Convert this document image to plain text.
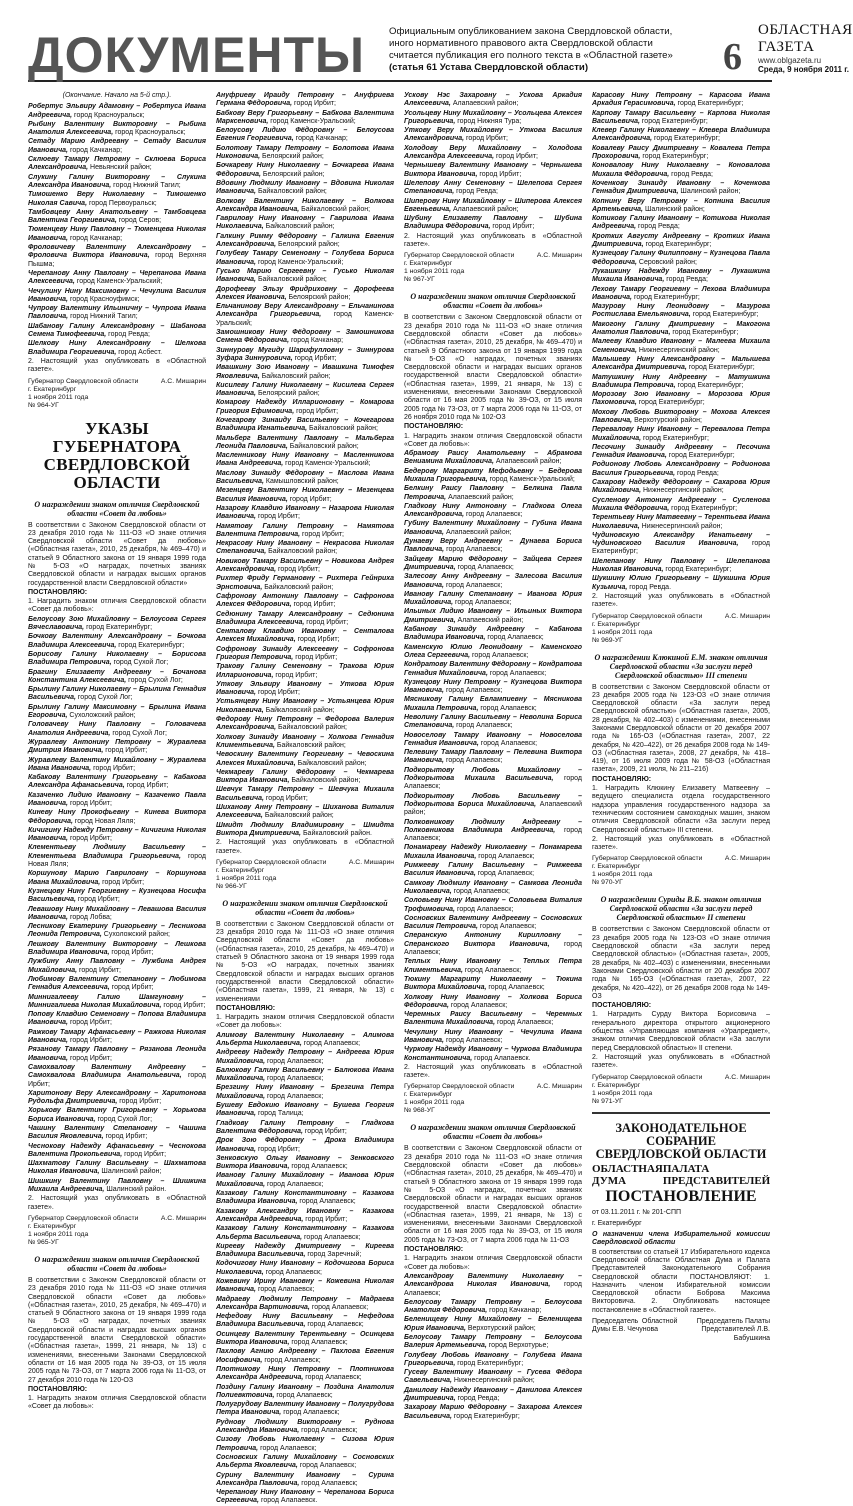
ДОКУМЕНТЫ	Официальным опубликованием закона Свердловской области, иного нормативного правового акта Свердловской области считается публикация его полного текста в «Областной газете» (статья 61 Устава Свердловской области)	6
ОБЛАСТНАЯ ГАЗЕТА
www.oblgazeta.ru
Среда, 9 ноября 2011 г.

(Окончание. Начало на 5-й стр.).

Робертус Эльвиру Адамовну – Робертуса Ивана Андреевича, город Красноуральск;

Рыбину Валентину Викторовну – Рыбина Анатолия Алексеевича, город Красноуральск;

Сетаду Марию Андреевну – Сетаду Василия Ивановича, город Качканар;

Склюеву Тамару Петровну – Склюева Бориса Александровича, Невьянский район;

Слукину Галину Викторовну – Слукина Александра Ивановича, город Нижний Тагил;

Тимошенко Веру Николаевну – Тимошенко Николая Савича, город Первоуральск;

Тамбовцеву Анну Анатольевну – Тамбовцева Валентина Георгиевича, город Серов;

Тюменцеву Нину Павловну – Тюменцева Николая Ивановича, город Качканар;

Фроловичеву Валентину Александровну – Фроловича Виктора Ивановича, город Верхняя Пышма;

Черепанову Анну Павловну – Черепанова Ивана Алексеевича, город Каменск-Уральский;

Чечулину Нину Максимовну – Чечулина Василия Ивановича, город Красноуфимск;

Чупрову Валентину Ильиничну – Чупрова Ивана Павловича, город Нижний Тагил;

Шабанову Галину Александровну – Шабанова Семена Тимофеевича, город Ревда;

Шелкову Нину Александровну – Шелкова Владимира Георгиевича, город Асбест.

2. Настоящий указ опубликовать в «Областной газете».

Губернатор Свердловской области	А.С. Мишарин
г. Екатеринбург
1 ноября 2011 года
№ 964-УГ
УКАЗЫ ГУБЕРНАТОРА СВЕРДЛОВСКОЙ ОБЛАСТИ
О награждении знаком отличия Свердловской области «Совет да любовь»

В соответствии с Законом Свердловской области от 23 декабря 2010 года № 111-ОЗ «О знаке отличия Свердловской области «Совет да любовь» («Областная газета», 2010, 25 декабря, № 469–470) и статьей 9 Областного закона от 19 января 1999 года № 5-ОЗ «О наградах, почетных званиях Свердловской области и наградах высших органов государственной власти Свердловской области»

ПОСТАНОВЛЯЮ:

1. Наградить знаком отличия Свердловской области «Совет да любовь»:

Белоусову Зою Михайловну – Белоусова Сергея Вячеславовича, город Екатеринбург;

Бочкову Валентину Александровну – Бочкова Владимира Алексеевича, город Екатеринбург;

Борисову Галину Николаевну – Борисова Владимира Петровича, город Сухой Лог;

Брагину Елизавету Андреевну – Бочанова Константина Алексеевича, город Сухой Лог;

Брылину Галину Николаевну – Брылина Геннадия Васильевича, город Сухой Лог;

Брылину Галину Максимовну – Брылина Ивана Егоровича, Сухоложский район;

Головачеву Нину Павловну – Головачева Анатолия Андреевича, город Сухой Лог;

Журавлеву Антонину Петровну – Журавлева Дмитрия Ивановича, город Ирбит;

Журавлеву Валентину Михайловну – Журавлева Ивана Ивановича, город Ирбит;

Кабакову Валентину Григорьевну – Кабакова Александра Афанасьевича, город Ирбит;

Казаченко Лидию Ивановну – Казаченко Павла Ивановича, город Ирбит;

Киневу Нину Прокофьевну – Кинева Виктора Фёдоровича, город Новая Ляля;

Кичигину Надежду Петровну – Кичигина Николая Ивановича, город Ирбит;

Клементьеву Людмилу Васильевну – Клементьева Владимира Григорьевича, город Новая Ляля;

Коршунову Марию Гавриловну – Коршунова Ивана Михайловича, город Ирбит;

Кузнецову Нину Георгиевну – Кузнецова Носифа Васильевича, город Ирбит;

Левашову Нину Михайловну – Левашова Василия Ивановича, город Лобва;

Лесникову Екатерину Григорьевну – Лесникова Леонида Петровича, Сухоложский район;

Лешкову Валентину Викторовну – Лешкова Владимира Ивановича, город Ирбит;

Лужбину Анну Павловну – Лужбина Андрея Михайловича, город Ирбит;

Любимову Валентину Степановну – Любимова Геннадия Алексеевича, город Ирбит;

Миннигалееву Галию Шамгуновну – Миннигалиева Николая Михайловича, город Ирбит;

Попову Клавдию Семеновну – Попова Владимира Ивановича, город Ирбит;

Ражкову Тамару Афанасьевну – Ражкова Николая Ивановича, город Ирбит;

Рязанову Тамару Павловну – Рязанова Леонида Ивановича, город Ирбит;

Самохвалову Валентину Андреевну – Самохвалова Владимира Анатольевича, город Ирбит;

Харитонову Веру Александровну – Харитонова Рудольфа Дмитриевича, город Ирбит;

Хорькову Валентину Григорьевну – Хорькова Бориса Ивановича, город Сухой Лог;

Чашину Валентину Степановну – Чашина Василия Яковлевича, город Ирбит;

Чеснокову Надежду Афанасьевну – Чеснокова Валентина Прокопьевича, город Ирбит;

Шахматову Галину Васильевну – Шахматова Николая Ивановича, Шалинский район;

Шишкину Валентину Павловну – Шишкина Михаила Андреевича, Шалинский район.

2. Настоящий указ опубликовать в «Областной газете».

Губернатор Свердловской области	А.С. Мишарин
г. Екатеринбург
1 ноября 2011 года
№ 965-УГ
О награждении знаком отличия Свердловской области «Совет да любовь»

В соответствии с Законом Свердловской области от 23 декабря 2010 года № 111-ОЗ «О знаке отличия Свердловской области «Совет да любовь» («Областная газета», 2010, 25 декабря, № 469–470) и статьей 9 Областного закона от 19 января 1999 года № 5-ОЗ «О наградах, почетных званиях Свердловской области и наградах высших органов государственной власти Свердловской области» («Областная газета», 1999, 21 января, № 13) с изменениями, внесенными Законами Свердловской области от 16 мая 2005 года № 39-ОЗ, от 15 июля 2005 года № 73-ОЗ, от 7 марта 2006 года № 11-ОЗ, от 27 декабря 2010 года № 120-ОЗ

ПОСТАНОВЛЯЮ:

1. Наградить знаком отличия Свердловской области «Совет да любовь»:

Ануфриеву Ираиду Петровну – Ануфриева Германа Фёдоровича, город Ирбит;

Бабкову Веру Григорьевну – Бабкова Валентина Марксеновича, город Каменск-Уральский;

Белоусову Лидию Фёдоровну – Белоусова Евгения Георгиевича, город Качканар;

Болотову Тамару Петровну – Болотова Ивана Никоновича, Белоярский район;

Бочкареву Нину Николаевну – Бочкарева Ивана Фёдоровича, Белоярский район;

Вдовину Людмилу Ивановну – Вдовина Николая Ивановича, Байкаловский район;

Волкову Валентину Николаевну – Волкова Александра Ивановича, Байкаловский район;

Гаврилову Нину Ивановну – Гаврилова Ивана Николаевича, Байкаловский район;

Галкину Римму Фёдоровну – Галкина Евгения Александровича, Белоярский район;

Голубеву Тамару Семеновну – Голубева Бориса Ивановича, город Каменск-Уральский;

Гусько Марию Сергеевну – Гусько Николая Ивановича, Байкаловский район;

Дорофееву Эльзу Фридриховну – Дорофеева Алексея Ивановича, Белоярский район;

Ельчанинову Веру Александровну – Ельчанинова Александра Григорьевича, город Каменск-Уральский;

Замошникову Нину Фёдоровну – Замошникова Семена Фёдоровича, город Качканар;

Зиннурову Мугиду Шарифулловну – Зиннурова Зуфара Зиннуровича, город Ирбит;

Ивашкину Зою Ивановну – Ивашкина Тимофея Яковлевича, Байкаловский район;

Кисилеву Галину Николаевну – Кисилева Сергея Ивановича, Белоярский район;

Комарову Надежду Илларионовну – Комарова Григория Ефимовича, город Ирбит;

Кочегарову Зинаиду Васильевну – Кочегарова Владимира Игнатьевича, Байкаловский район;

Мальберг Валентину Павловну – Мальберга Леонида Павловича, Байкаловский район;

Масленникову Нину Ивановну – Масленникова Ивана Андреевича, город Каменск-Уральский;

Маслову Зинаиду Фёдоровну – Маслова Ивана Васильевича, Камышловский район;

Мезенцеву Валентину Николаевну – Мезенцева Василия Ивановича, город Ирбит;

Назарову Клавдию Ивановну – Назарова Николая Ивановича, город Ирбит;

Намятову Галину Петровну – Намятова Валентина Петровича, город Ирбит;

Некрасову Нину Ивановну – Некрасова Николая Степановича, Байкаловский район;

Новикову Тамару Васильевну – Новикова Андрея Александровича, город Ирбит;

Рихтер Фриду Германовну – Рихтера Гейнриха Эрнстовича, Байкаловский район;

Сафронову Антонину Павловну – Сафронова Алексея Фёдоровича, город Ирбит;

Седюнину Тамару Александровну – Седюнина Владимира Алексеевича, город Ирбит;

Сенталову Клавдию Ивановну – Сенталова Алексея Михайловича, город Ирбит;

Софронову Зинаиду Алексеевну – Софронова Григория Петровича, город Ирбит;

Тракову Галину Семеновну – Тракова Юрия Илларионовича, город Ирбит;

Уткову Эльвиру Ивановну – Уткова Юрия Ивановича, город Ирбит;

Устьянцеву Нину Ивановну – Устьянцева Юрия Николаевича, Байкаловский район;

Федорову Нину Петровну – Федорова Валерия Александровича, Байкаловский район;

Холкову Зинаиду Ивановну – Холкова Геннадия Климентьевича, Байкаловский район;

Чевоскину Валентину Георгиевну – Чевоскина Алексея Михайловича, Байкаловский район;

Чекмареву Галину Фёдоровну – Чекмарева Виктора Ивановича, Байкаловский район;

Шевчук Тамару Петровну – Шевчука Михаила Васильевича, город Ирбит;

Шиханову Анну Петровну – Шиханова Виталия Алексеевича, Байкаловский район;

Шмидт Людмилу Владимировну – Шмидта Виктора Дмитриевича, Байкаловский район.

2. Настоящий указ опубликовать в «Областной газете».

Губернатор Свердловской области	А.С. Мишарин
г. Екатеринбург
1 ноября 2011 года
№ 966-УГ
О награждении знаком отличия Свердловской области «Совет да любовь»

В соответствии с Законом Свердловской области от 23 декабря 2010 года № 111-ОЗ «О знаке отличия Свердловской области «Совет да любовь» («Областная газета», 2010, 25 декабря, № 469–470) и статьей 9 Областного закона от 19 января 1999 года № 5-ОЗ «О наградах, почетных званиях Свердловской области и наградах высших органов государственной власти Свердловской области» («Областная газета», 1999, 21 января, № 13) с изменениями

ПОСТАНОВЛЯЮ:

1. Наградить знаком отличия Свердловской области «Совет да любовь»:

Алимову Валентину Николаевну – Алимова Альберта Николаевича, город Алапаевск;

Андрееву Надежду Петровну – Андреева Юрия Михайловича, город Алапаевск;

Балюкову Галину Васильевну – Балюкова Ивана Михайловича, город Алапаевск;

Брезгину Нину Ивановну – Брезгина Петра Михайловича, город Алапаевск;

Бушеву Евдокию Ивановну – Бушева Георгия Ивановича, город Талица;

Гладкову Галину Петровну – Гладкова Валентина Фёдоровича, город Ирбит;

Дрок Зою Фёдоровну – Дрока Владимира Ивановича, город Ирбит;

Зенковскую Ольгу Ивановну – Зенковского Виктора Ивановича, город Алапаевск;

Иванову Галину Михайловну – Иванова Юрия Михайловича, город Алапаевск;

Казакову Галину Константиновну – Казакова Владимира Ивановича, город Алапаевск;

Казакову Александру Ивановну – Казакова Александра Андреевича, город Ирбит;

Казакову Галину Константиновну – Казакова Альберта Васильевича, город Алапаевск;

Кирееву Надежду Дмитриевну – Киреева Владимира Васильевича, город Заречный;

Кодочигову Нину Ивановну – Кодочигова Бориса Николаевича, город Алапаевск;

Кожевину Ирину Ивановну – Кожевина Николая Ивановича, город Алапаевск;

Мадраеву Людмилу Петровну – Мадраева Александра Вартиновича, город Алапаевск;

Нефедову Нину Васильевну – Нефедова Владимира Васильевича, город Алапаевск;

Осинцеву Валентину Терентьевну – Осинцева Виктора Ивановича, город Алапаевск;

Пахлову Агнию Андреевну – Пахлова Евгения Иосифовича, город Алапаевск;

Плотникову Нину Петровну – Плотникова Александра Андреевича, город Алапаевск;

Поздину Галину Ивановну – Поздина Анатолия Полиевктовича, город Алапаевск;

Полугрудову Валентину Ивановну – Полугрудова Петра Ивановича, город Алапаевск;

Руднову Людмилу Викторовну – Руднова Александра Ивановича, город Алапаевск;

Сизову Любовь Николаевну – Сизова Юрия Петровича, город Алапаевск;

Сосновских Галину Михайловну – Сосновских Альберта Яковлевича, город Алапаевск;

Сурину Валентину Ивановну – Сурина Александра Павловича, город Алапаевск;

Черепанову Нину Ивановну – Черепанова Бориса Сергеевича, город Алапаевск.

Ускову Нэс Захаровну – Ускова Аркадия Алексеевича, Алапаевский район;

Усольцеву Нину Михайловну – Усольцева Алексея Григорьевича, город Нижняя Тура;

Уткову Веру Михайловну – Уткова Василия Александровича, город Ирбит;

Холодову Веру Михайловну – Холодова Александра Алексеевича, город Ирбит;

Чернышеву Валентину Ивановну – Чернышева Виктора Ивановича, город Ирбит;

Шелепову Анну Семеновну – Шелепова Сергея Степановича, город Ревда;

Шиперову Нину Михайловну – Шиперова Алексея Евгеньевича, Алапаевский район;

Шубину Елизавету Павловну – Шубина Владимира Фёдоровича, город Ирбит;

2. Настоящий указ опубликовать в «Областной газете».

Губернатор Свердловской области	А.С. Мишарин
г. Екатеринбург
1 ноября 2011 года
№ 967-УГ
О награждении знаком отличия Свердловской области «Совет да любовь»

В соответствии с Законом Свердловской области от 23 декабря 2010 года № 111-ОЗ «О знаке отличия Свердловской области «Совет да любовь» («Областная газета», 2010, 25 декабря, № 469–470) и статьей 9 Областного закона от 19 января 1999 года № 5-ОЗ «О наградах, почетных званиях Свердловской области и наградах высших органов государственной власти Свердловской области» («Областная газета», 1999, 21 января, № 13) с изменениями, внесенными Законами Свердловской области от 16 мая 2005 года № 39-ОЗ, от 15 июля 2005 года № 73-ОЗ, от 7 марта 2006 года № 11-ОЗ, от 26 ноября 2010 года № 102-ОЗ

ПОСТАНОВЛЯЮ:

1. Наградить знаком отличия Свердловской области «Совет да любовь»:

Абрамову Раису Анатольевну – Абрамова Вениамина Михайловича, Алапаевский район;

Бедерову Маргариту Мефодьевну – Бедерова Михаила Григорьевича, город Каменск-Уральский;

Белкину Раису Павловну – Белкина Павла Петровича, Алапаевский район;

Гладкову Нину Антоновну – Гладкова Олега Александровича, город Алапаевск;

Губину Валентину Михайловну – Губина Ивана Ивановича, Алапаевский район;

Дунаеву Веру Андреевну – Дунаева Бориса Павловича, город Алапаевск;

Зайцеву Марию Фёдоровну – Зайцева Сергея Дмитриевича, город Алапаевск;

Залесову Анну Андреевну – Залесова Василия Ивановича, город Алапаевск;

Иванову Галину Степановну – Иванова Юрия Михайловича, город Алапаевск;

Ильиных Лидию Ивановну – Ильиных Виктора Дмитриевича, Алапаевский район;

Кабанову Зинаиду Андреевну – Кабанова Владимира Ивановича, город Алапаевск;

Каменскую Юлию Леонидовну – Каменского Олега Сергеевича, город Алапаевск;

Кондратову Валентину Фёдоровну – Кондратова Геннадия Михайловича, город Алапаевск;

Кузнецову Нину Петровну – Кузнецова Виктора Ивановича, город Алапаевск;

Мясникову Галину Евлампиевну – Мясникова Михаила Петровича, город Алапаевск;

Неволину Галину Васильевну – Неволина Бориса Степановича, город Алапаевск;

Новоселову Тамару Ивановну – Новоселова Геннадия Ивановича, город Алапаевск;

Пелевину Тамару Павловну – Пелевина Виктора Ивановича, город Алапаевск;

Подкорытову Любовь Михайловну – Подкорытова Михаила Васильевича, город Алапаевск;

Подкорытову Любовь Васильевну – Подкорытова Бориса Михайловича, Алапаевский район;

Полковникову Людмилу Андреевну – Полковникова Владимира Андреевича, город Алапаевск;

Понамареву Надежду Николаевну – Понамарева Михаила Ивановича, город Алапаевск;

Римжееву Галину Васильевну – Римжеева Василия Ивановича, город Алапаевск;

Самкову Людмилу Ивановну – Самкова Леонида Николаевича, город Алапаевск;

Соловьеву Нину Ивановну – Соловьева Виталия Трофимовича, город Алапаевск;

Сосновских Валентину Андреевну – Сосновских Василия Петровича, город Алапаевск;

Сперанскую Антонину Кирилловну – Сперанского Виктора Ивановича, город Алапаевск;

Теплых Нину Ивановну – Теплых Петра Климентьевича, город Алапаевск;

Тюкину Маргариту Николаевну – Тюкина Виктора Михайловича, город Алапаевск;

Холкову Нину Ивановну – Холкова Бориса Фёдоровича, город Алапаевск;

Черемных Раису Васильевну – Черемных Валентина Михайловича, город Алапаевск;

Чечулину Нину Ивановну – Чечулина Ивана Ивановича, город Алапаевск;

Чуркову Надежду Ивановну – Чуркова Владимира Константиновича, город Алапаевск.

2. Настоящий указ опубликовать в «Областной газете».

Губернатор Свердловской области	А.С. Мишарин
г. Екатеринбург
1 ноября 2011 года
№ 968-УГ
О награждении знаком отличия Свердловской области «Совет да любовь»

В соответствии с Законом Свердловской области от 23 декабря 2010 года № 111-ОЗ «О знаке отличия Свердловской области «Совет да любовь» («Областная газета», 2010, 25 декабря, № 469–470) и статьей 9 Областного закона от 19 января 1999 года № 5-ОЗ «О наградах, почетных званиях Свердловской области и наградах высших органов государственной власти Свердловской области» («Областная газета», 1999, 21 января, № 13) с изменениями, внесенными Законами Свердловской области от 16 мая 2005 года № 39-ОЗ, от 15 июля 2005 года № 73-ОЗ, от 7 марта 2006 года № 11-ОЗ

ПОСТАНОВЛЯЮ:

1. Наградить знаком отличия Свердловской области «Совет да любовь»:

Александрову Валентину Николаевну – Александрова Николая Ивановича, город Алапаевск;

Белоусову Тамару Петровну – Белоусова Анатолия Фёдоровича, город Качканар;

Беленищеву Нину Михайловну – Беленищева Юрия Ивановича, Верхотурский район;

Белоусову Тамару Петровну – Белоусова Валерия Артемьевича, город Верхотурье;

Голубеву Любовь Ивановну – Голубева Ивана Григорьевича, город Екатеринбург;

Гусеву Валентину Ивановну – Гусева Фёдора Савельевича, Нижнесергинский район;

Данилову Надежду Ивановну – Данилова Алексея Дмитриевича, город Ревда;

Захарову Марию Фёдоровну – Захарова Алексея Васильевича, город Екатеринбург;

Карасову Нину Петровну – Карасова Ивана Аркадия Герасимовича, город Екатеринбург;

Карпову Тамару Васильевну – Карпова Николая Васильевича, город Екатеринбург;

Клевер Галину Николаевну – Клевера Владимира Александровича, город Екатеринбург;

Ковалеву Раису Дмитриевну – Ковалева Петра Прохоровича, город Екатеринбург;

Коновалову Нину Николаевну – Коновалова Михаила Фёдоровича, город Ревда;

Коченкову Зинаиду Ивановну – Коченкова Геннадия Дмитриевича, Шалинский район;

Копнину Веру Петровну – Копнина Василия Артемьевича, Шалинский район;

Котикову Галину Ивановну – Котикова Николая Андреевича, город Ревда;

Кротких Августу Андреевну – Кротких Ивана Дмитриевича, город Екатеринбург;

Кузнецову Галину Филипповну – Кузнецова Павла Фёдоровича, Серовский район;

Лукашкину Надежду Ивановну – Лукашкина Михаила Ивановича, город Ревда;

Лехову Тамару Георгиевну – Лехова Владимира Ивановича, город Екатеринбург;

Мазурову Нину Леонидовну – Мазурова Ростислава Емельяновича, город Екатеринбург;

Макогону Галину Дмитриевну – Макогона Анатолия Павловича, город Екатеринбург;

Малееву Клавдию Ивановну – Малеева Михаила Семеновича, Нижнесергинский район;

Малышеву Нину Александровну – Малышева Александра Дмитриевича, город Екатеринбург;

Матушкину Нину Андреевну – Матушкина Владимира Петровича, город Екатеринбург;

Морозову Зою Ивановну – Морозова Юрия Пахомовича, город Екатеринбург;

Мохову Любовь Викторовну – Мохова Алексея Павловича, Верхотурский район;

Перевалову Нину Ивановну – Перевалова Петра Михайловича, город Екатеринбург;

Песочину Зинаиду Андреевну – Песочина Геннадия Ивановича, город Екатеринбург;

Родионову Любовь Александровну – Родионова Василия Григорьевича, город Ревда;

Сахарову Надежду Фёдоровну – Сахарова Юрия Михайловича, Нижнесергинский район;

Сусленову Антонину Андреевну – Сусленова Михаила Фёдоровича, город Екатеринбург;

Терентьеву Нину Матвеевну – Терентьева Ивана Николаевича, Нижнесергинский район;

Чудиновскую Александру Игнатьевну – Чудиновского Василия Ивановича, город Екатеринбург;

Шелепанову Нину Павловну – Шелепанова Николая Ивановича, город Екатеринбург;

Шукшину Юлию Григорьевну – Шукшина Юрия Кузьмича, город Ревда.

2. Настоящий указ опубликовать в «Областной газете».

Губернатор Свердловской области	А.С. Мишарин
г. Екатеринбург
1 ноября 2011 года
№ 969-УГ
О награждении Клюкиной Е.М. знаком отличия Свердловской области «За заслуги перед Свердловской областью» III степени

В соответствии с Законом Свердловской области от 23 декабря 2005 года № 123-ОЗ «О знаке отличия Свердловской области «За заслуги перед Свердловской областью» («Областная газета», 2005, 28 декабря, № 402–403) с изменениями, внесенными Законами Свердловской области от 20 декабря 2007 года № 165-ОЗ («Областная газета», 2007, 22 декабря, № 420–422), от 26 декабря 2008 года № 149-ОЗ («Областная газета», 2008, 27 декабря, № 418–419), от 16 июля 2009 года № 58-ОЗ («Областная газета», 2009, 21 июля, № 211–216)

ПОСТАНОВЛЯЮ:

1. Наградить Клюкину Елизавету Матвеевну – ведущего специалиста отдела государственного надзора управления государственного надзора за техническим состоянием самоходных машин, знаком отличия Свердловской области «За заслуги перед Свердловской областью» III степени.

2. Настоящий указ опубликовать в «Областной газете».

Губернатор Свердловской области	А.С. Мишарин
г. Екатеринбург
1 ноября 2011 года
№ 970-УГ
О награждении Суриды В.Б. знаком отличия Свердловской области «За заслуги перед Свердловской областью» II степени

В соответствии с Законом Свердловской области от 23 декабря 2005 года № 123-ОЗ «О знаке отличия Свердловской области «За заслуги перед Свердловской областью» («Областная газета», 2005, 28 декабря, № 402–403) с изменениями, внесенными Законами Свердловской области от 20 декабря 2007 года № 165-ОЗ («Областная газета», 2007, 22 декабря, № 420–422), от 26 декабря 2008 года № 149-ОЗ

ПОСТАНОВЛЯЮ:

1. Наградить Сурду Виктора Борисовича – генерального директора открытого акционерного общества «Управляющая компания «Уралредмет», знаком отличия Свердловской области «За заслуги перед Свердловской областью» II степени.

2. Настоящий указ опубликовать в «Областной газете».

Губернатор Свердловской области	А.С. Мишарин
г. Екатеринбург
1 ноября 2011 года
№ 971-УГ
ЗАКОНОДАТЕЛЬНОЕ СОБРАНИЕ СВЕРДЛОВСКОЙ ОБЛАСТИ
ОБЛАСТНАЯ ДУМА
ПАЛАТА ПРЕДСТАВИТЕЛЕЙ
ПОСТАНОВЛЕНИЕ
от 03.11.2011 г. № 201-СПП
г. Екатеринбург

О назначении члена Избирательной комиссии Свердловской области

В соответствии со статьей 17 Избирательного кодекса Свердловской области Областная Дума и Палата Представителей Законодательного Собрания Свердловской области ПОСТАНОВЛЯЮТ: 1. Назначить членом Избирательной комиссии Свердловской области Боброва Максима Викторовича. 2. Опубликовать настоящее постановление в «Областной газете».

Председатель Областной Думы Е.В. Чечунова
Председатель Палаты Представителей Л.В. Бабушкина
